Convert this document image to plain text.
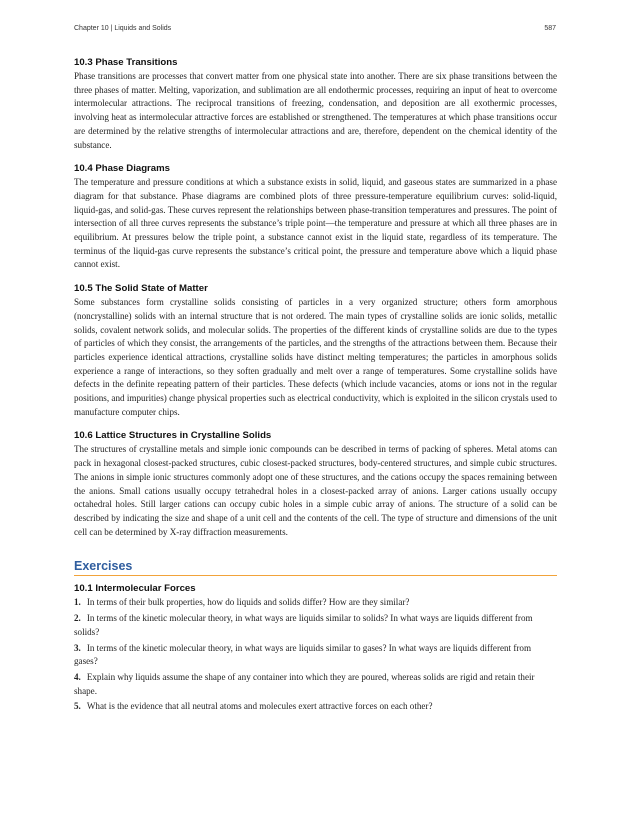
Chapter 10 | Liquids and Solids	587
10.3 Phase Transitions

Phase transitions are processes that convert matter from one physical state into another. There are six phase transitions between the three phases of matter. Melting, vaporization, and sublimation are all endothermic processes, requiring an input of heat to overcome intermolecular attractions. The reciprocal transitions of freezing, condensation, and deposition are all exothermic processes, involving heat as intermolecular attractive forces are established or strengthened. The temperatures at which phase transitions occur are determined by the relative strengths of intermolecular attractions and are, therefore, dependent on the chemical identity of the substance.

10.4 Phase Diagrams

The temperature and pressure conditions at which a substance exists in solid, liquid, and gaseous states are summarized in a phase diagram for that substance. Phase diagrams are combined plots of three pressure-temperature equilibrium curves: solid-liquid, liquid-gas, and solid-gas. These curves represent the relationships between phase-transition temperatures and pressures. The point of intersection of all three curves represents the substance’s triple point—the temperature and pressure at which all three phases are in equilibrium. At pressures below the triple point, a substance cannot exist in the liquid state, regardless of its temperature. The terminus of the liquid-gas curve represents the substance’s critical point, the pressure and temperature above which a liquid phase cannot exist.

10.5 The Solid State of Matter

Some substances form crystalline solids consisting of particles in a very organized structure; others form amorphous (noncrystalline) solids with an internal structure that is not ordered. The main types of crystalline solids are ionic solids, metallic solids, covalent network solids, and molecular solids. The properties of the different kinds of crystalline solids are due to the types of particles of which they consist, the arrangements of the particles, and the strengths of the attractions between them. Because their particles experience identical attractions, crystalline solids have distinct melting temperatures; the particles in amorphous solids experience a range of interactions, so they soften gradually and melt over a range of temperatures. Some crystalline solids have defects in the definite repeating pattern of their particles. These defects (which include vacancies, atoms or ions not in the regular positions, and impurities) change physical properties such as electrical conductivity, which is exploited in the silicon crystals used to manufacture computer chips.

10.6 Lattice Structures in Crystalline Solids

The structures of crystalline metals and simple ionic compounds can be described in terms of packing of spheres. Metal atoms can pack in hexagonal closest-packed structures, cubic closest-packed structures, body-centered structures, and simple cubic structures. The anions in simple ionic structures commonly adopt one of these structures, and the cations occupy the spaces remaining between the anions. Small cations usually occupy tetrahedral holes in a closest-packed array of anions. Larger cations usually occupy octahedral holes. Still larger cations can occupy cubic holes in a simple cubic array of anions. The structure of a solid can be described by indicating the size and shape of a unit cell and the contents of the cell. The type of structure and dimensions of the unit cell can be determined by X-ray diffraction measurements.

Exercises
10.1 Intermolecular Forces
1. In terms of their bulk properties, how do liquids and solids differ? How are they similar?
2. In terms of the kinetic molecular theory, in what ways are liquids similar to solids? In what ways are liquids different from solids?
3. In terms of the kinetic molecular theory, in what ways are liquids similar to gases? In what ways are liquids different from gases?
4. Explain why liquids assume the shape of any container into which they are poured, whereas solids are rigid and retain their shape.
5. What is the evidence that all neutral atoms and molecules exert attractive forces on each other?
